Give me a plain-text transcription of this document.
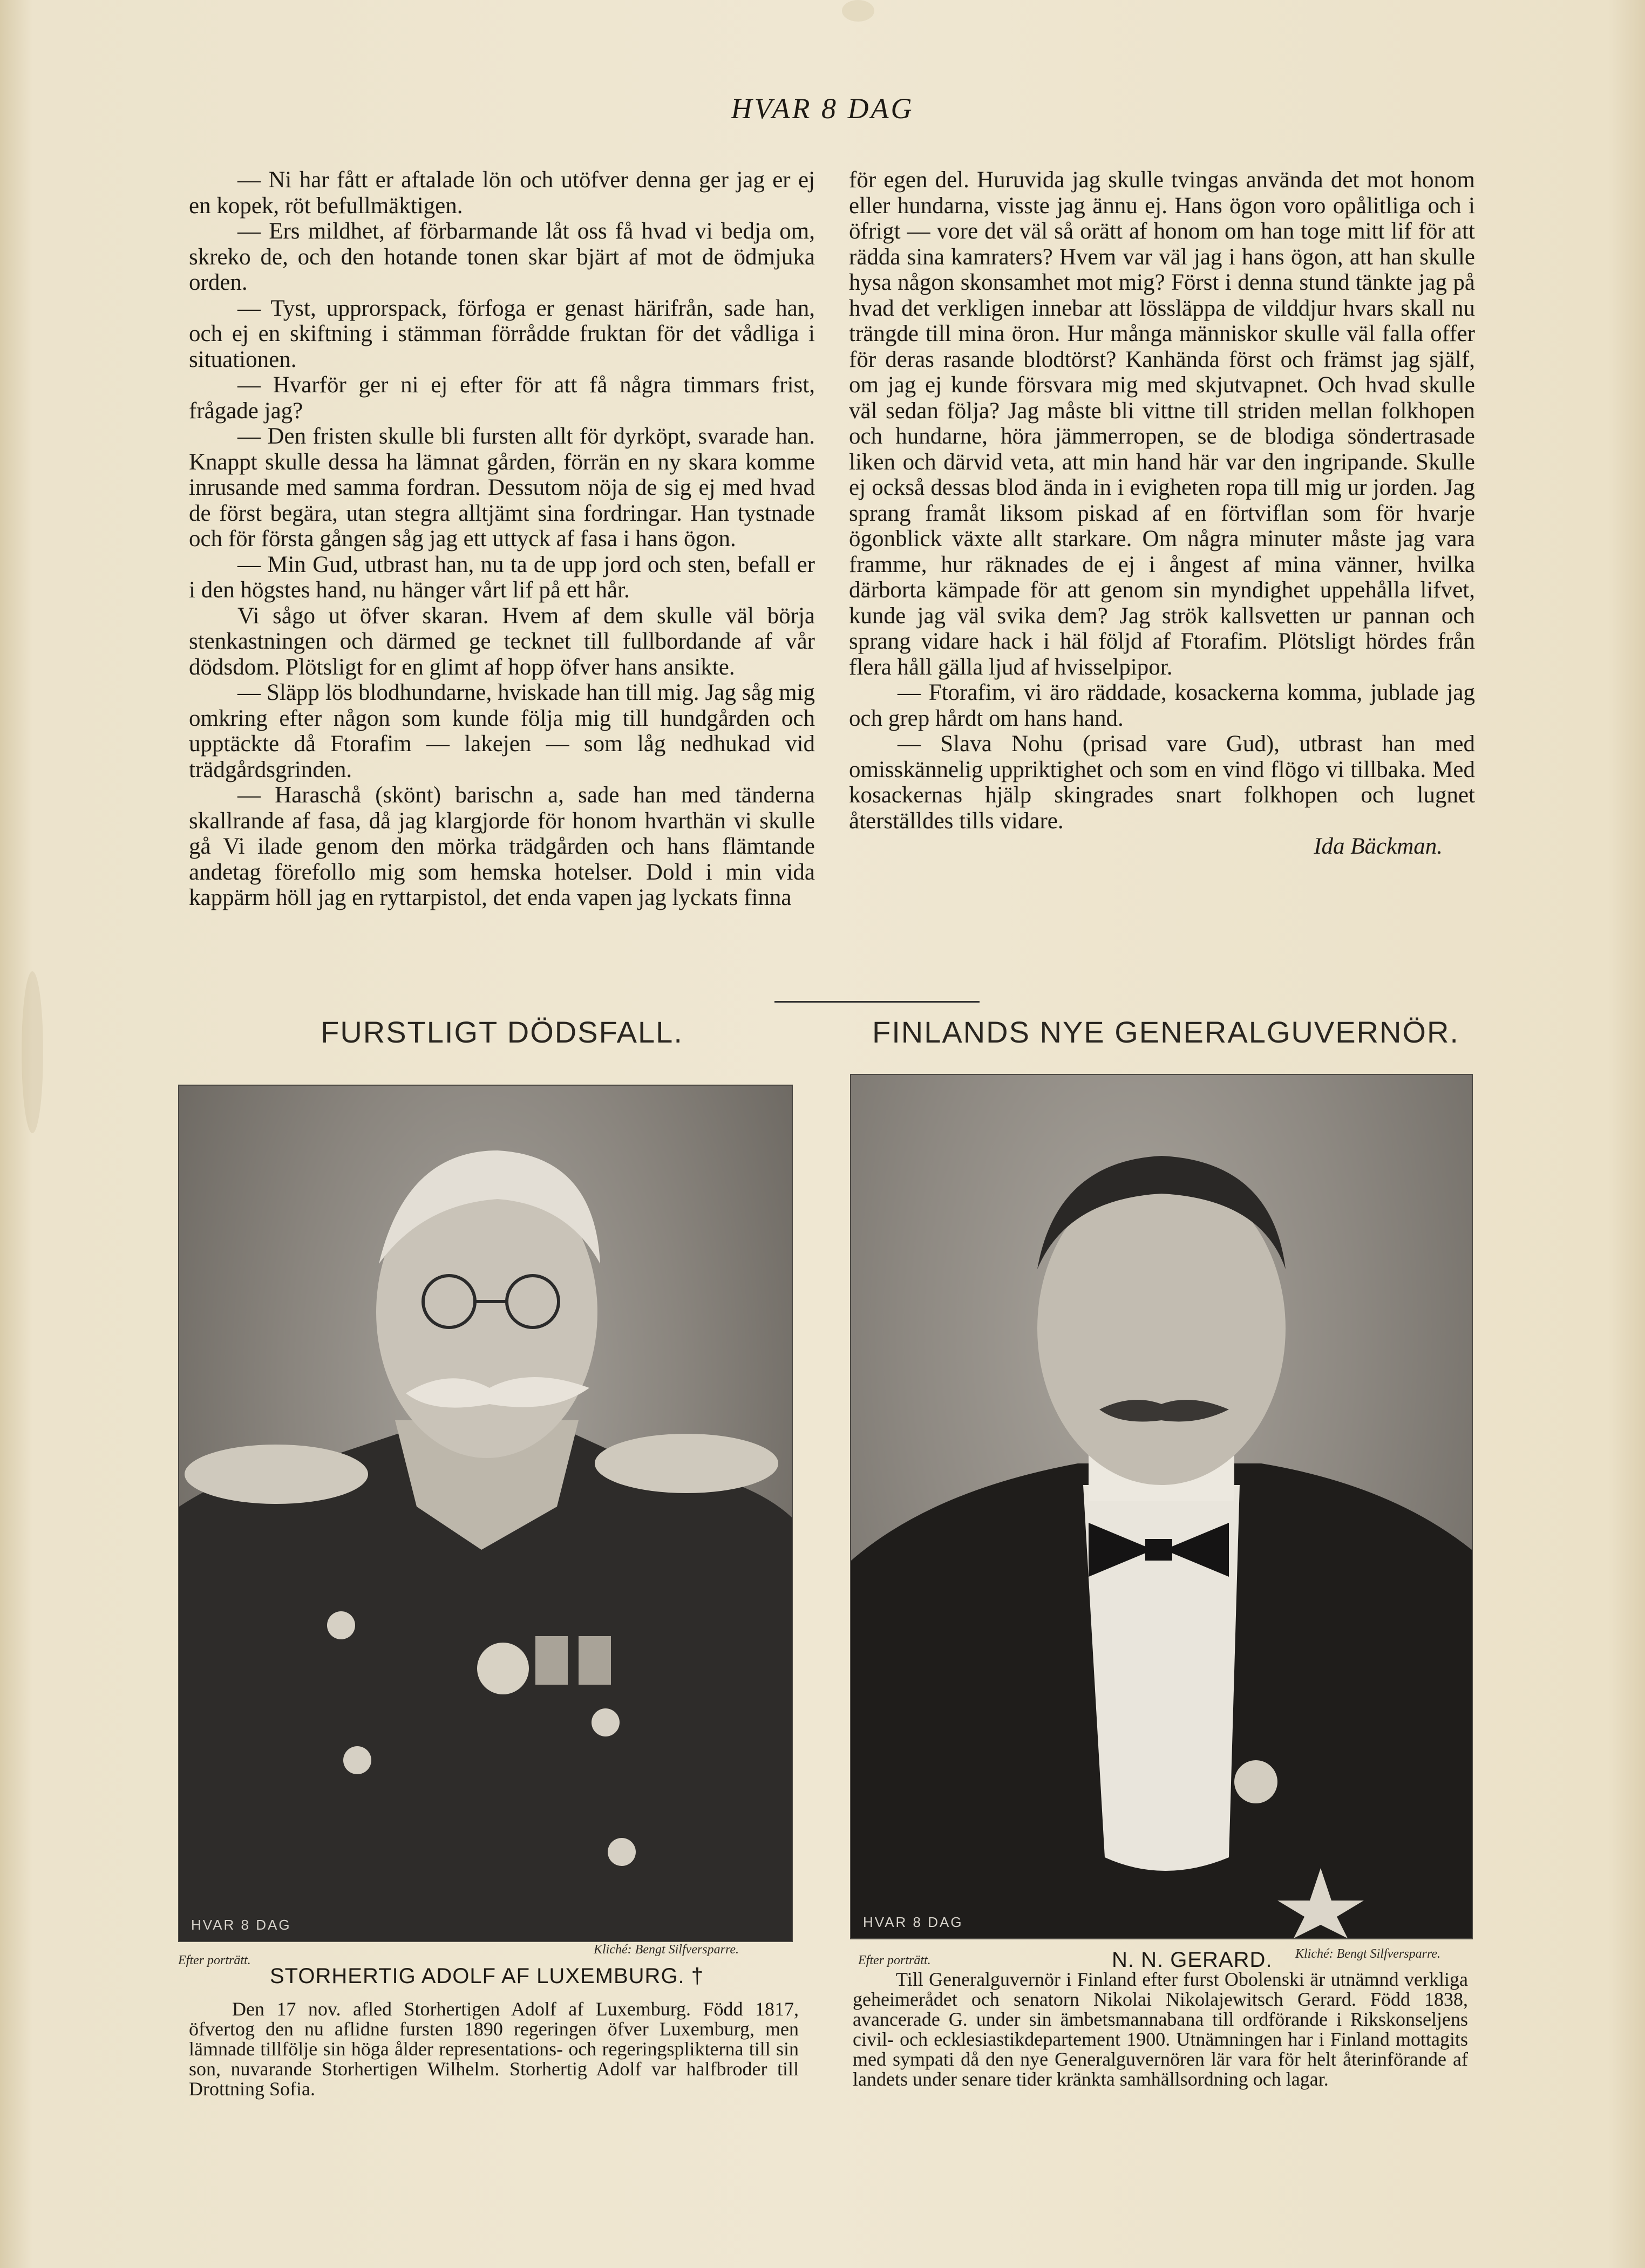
HVAR 8 DAG

— Ni har fått er aftalade lön och utöfver denna ger jag er ej en kopek, röt befullmäktigen.

— Ers mildhet, af förbarmande låt oss få hvad vi bedja om, skreko de, och den hotande tonen skar bjärt af mot de ödmjuka orden.

— Tyst, upprorspack, förfoga er genast härifrån, sade han, och ej en skiftning i stämman förrådde fruktan för det vådliga i situationen.

— Hvarför ger ni ej efter för att få några timmars frist, frågade jag?

— Den fristen skulle bli fursten allt för dyrköpt, svarade han. Knappt skulle dessa ha lämnat gården, förrän en ny skara komme inrusande med samma fordran. Dessutom nöja de sig ej med hvad de först begära, utan stegra alltjämt sina fordringar. Han tystnade och för första gången såg jag ett uttyck af fasa i hans ögon.

— Min Gud, utbrast han, nu ta de upp jord och sten, befall er i den högstes hand, nu hänger vårt lif på ett hår.

Vi sågo ut öfver skaran. Hvem af dem skulle väl börja stenkastningen och därmed ge tecknet till fullbordande af vår dödsdom. Plötsligt for en glimt af hopp öfver hans ansikte.

— Släpp lös blodhundarne, hviskade han till mig. Jag såg mig omkring efter någon som kunde följa mig till hundgården och upptäckte då Ftorafim — lakejen — som låg nedhukad vid trädgårdsgrinden.

— Haraschå (skönt) barischn a, sade han med tänderna skallrande af fasa, då jag klargjorde för honom hvarthän vi skulle gå Vi ilade genom den mörka trädgården och hans flämtande andetag förefollo mig som hemska hotelser. Dold i min vida kappärm höll jag en ryttarpistol, det enda vapen jag lyckats finna

för egen del. Huruvida jag skulle tvingas använda det mot honom eller hundarna, visste jag ännu ej. Hans ögon voro opålitliga och i öfrigt — vore det väl så orätt af honom om han toge mitt lif för att rädda sina kamraters? Hvem var väl jag i hans ögon, att han skulle hysa någon skonsamhet mot mig? Först i denna stund tänkte jag på hvad det verkligen innebar att lössläppa de vilddjur hvars skall nu trängde till mina öron. Hur många människor skulle väl falla offer för deras rasande blodtörst? Kanhända först och främst jag själf, om jag ej kunde försvara mig med skjutvapnet. Och hvad skulle väl sedan följa? Jag måste bli vittne till striden mellan folkhopen och hundarne, höra jämmerropen, se de blodiga söndertrasade liken och därvid veta, att min hand här var den ingripande. Skulle ej också dessas blod ända in i evigheten ropa till mig ur jorden. Jag sprang framåt liksom piskad af en förtviflan som för hvarje ögonblick växte allt starkare. Om några minuter måste jag vara framme, hur räknades de ej i ångest af mina vänner, hvilka därborta kämpade för att genom sin myndighet uppehålla lifvet, kunde jag väl svika dem? Jag strök kallsvetten ur pannan och sprang vidare hack i häl följd af Ftorafim. Plötsligt hördes från flera håll gälla ljud af hvisselpipor.

— Ftorafim, vi äro räddade, kosackerna komma, jublade jag och grep hårdt om hans hand.

— Slava Nohu (prisad vare Gud), utbrast han med omisskännelig uppriktighet och som en vind flögo vi tillbaka. Med kosackernas hjälp skingrades snart folkhopen och lugnet återställdes tills vidare.

Ida Bäckman.
FURSTLIGT DÖDSFALL.	FINLANDS NYE GENERALGUVERNÖR.
HVAR 8 DAG
Efter porträtt.
Kliché: Bengt Silfversparre.
STORHERTIG ADOLF AF LUXEMBURG. †

Den 17 nov. afled Storhertigen Adolf af Luxemburg. Född 1817, öfvertog den nu aflidne fursten 1890 regeringen öfver Luxemburg, men lämnade tillfölje sin höga ålder representations- och regeringsplikterna till sin son, nuvarande Storhertigen Wilhelm. Storhertig Adolf var halfbroder till Drottning Sofia.

HVAR 8 DAG
Efter porträtt.	Kliché: Bengt Silfversparre.
N. N. GERARD.

Till Generalguvernör i Finland efter furst Obolenski är utnämnd verkliga geheimerådet och senatorn Nikolai Nikolajewitsch Gerard. Född 1838, avancerade G. under sin ämbetsmannabana till ordförande i Rikskonseljens civil- och ecklesiastikdepartement 1900. Utnämningen har i Finland mottagits med sympati då den nye Generalguvernören lär vara för helt återinförande af landets under senare tider kränkta samhällsordning och lagar.
